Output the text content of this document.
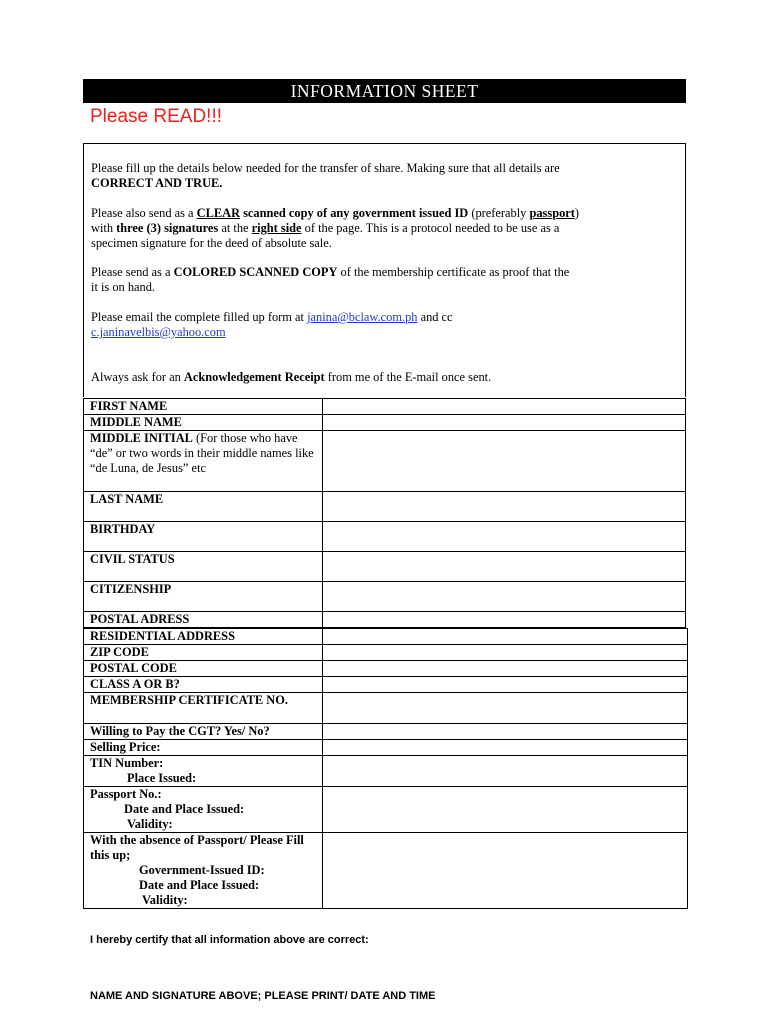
INFORMATION SHEET
Please READ!!!
Please fill up the details below needed for the transfer of share. Making sure that all details are
CORRECT AND TRUE.
Please also send as a CLEAR scanned copy of any government issued ID (preferably passport)
with three (3) signatures at the right side of the page. This is a protocol needed to be use as a
specimen signature for the deed of absolute sale.
Please send as a COLORED SCANNED COPY of the membership certificate as proof that the
it is on hand.
Please email the complete filled up form at janina@bclaw.com.ph and cc
c.janinavelbis@yahoo.com
Always ask for an Acknowledgement Receipt from me of the E-mail once sent.
FIRST NAME	
MIDDLE NAME	
MIDDLE INITIAL (For those who have “de” or two words in their middle names like “de Luna, de Jesus” etc	
LAST NAME	
BIRTHDAY	
CIVIL STATUS	
CITIZENSHIP	
POSTAL ADRESS	
RESIDENTIAL ADDRESS	
ZIP CODE	
POSTAL CODE	
CLASS A OR B?	
MEMBERSHIP CERTIFICATE NO.	
Willing to Pay the CGT? Yes/ No?	
Selling Price:	

TIN Number:
Place Issued:	

Passport No.:
Date and Place Issued:
Validity:	

With the absence of Passport/ Please Fill this up;
Government-Issued ID:
Date and Place Issued:
Validity:	

I hereby certify that all information above are correct:
NAME AND SIGNATURE ABOVE; PLEASE PRINT/ DATE AND TIME
